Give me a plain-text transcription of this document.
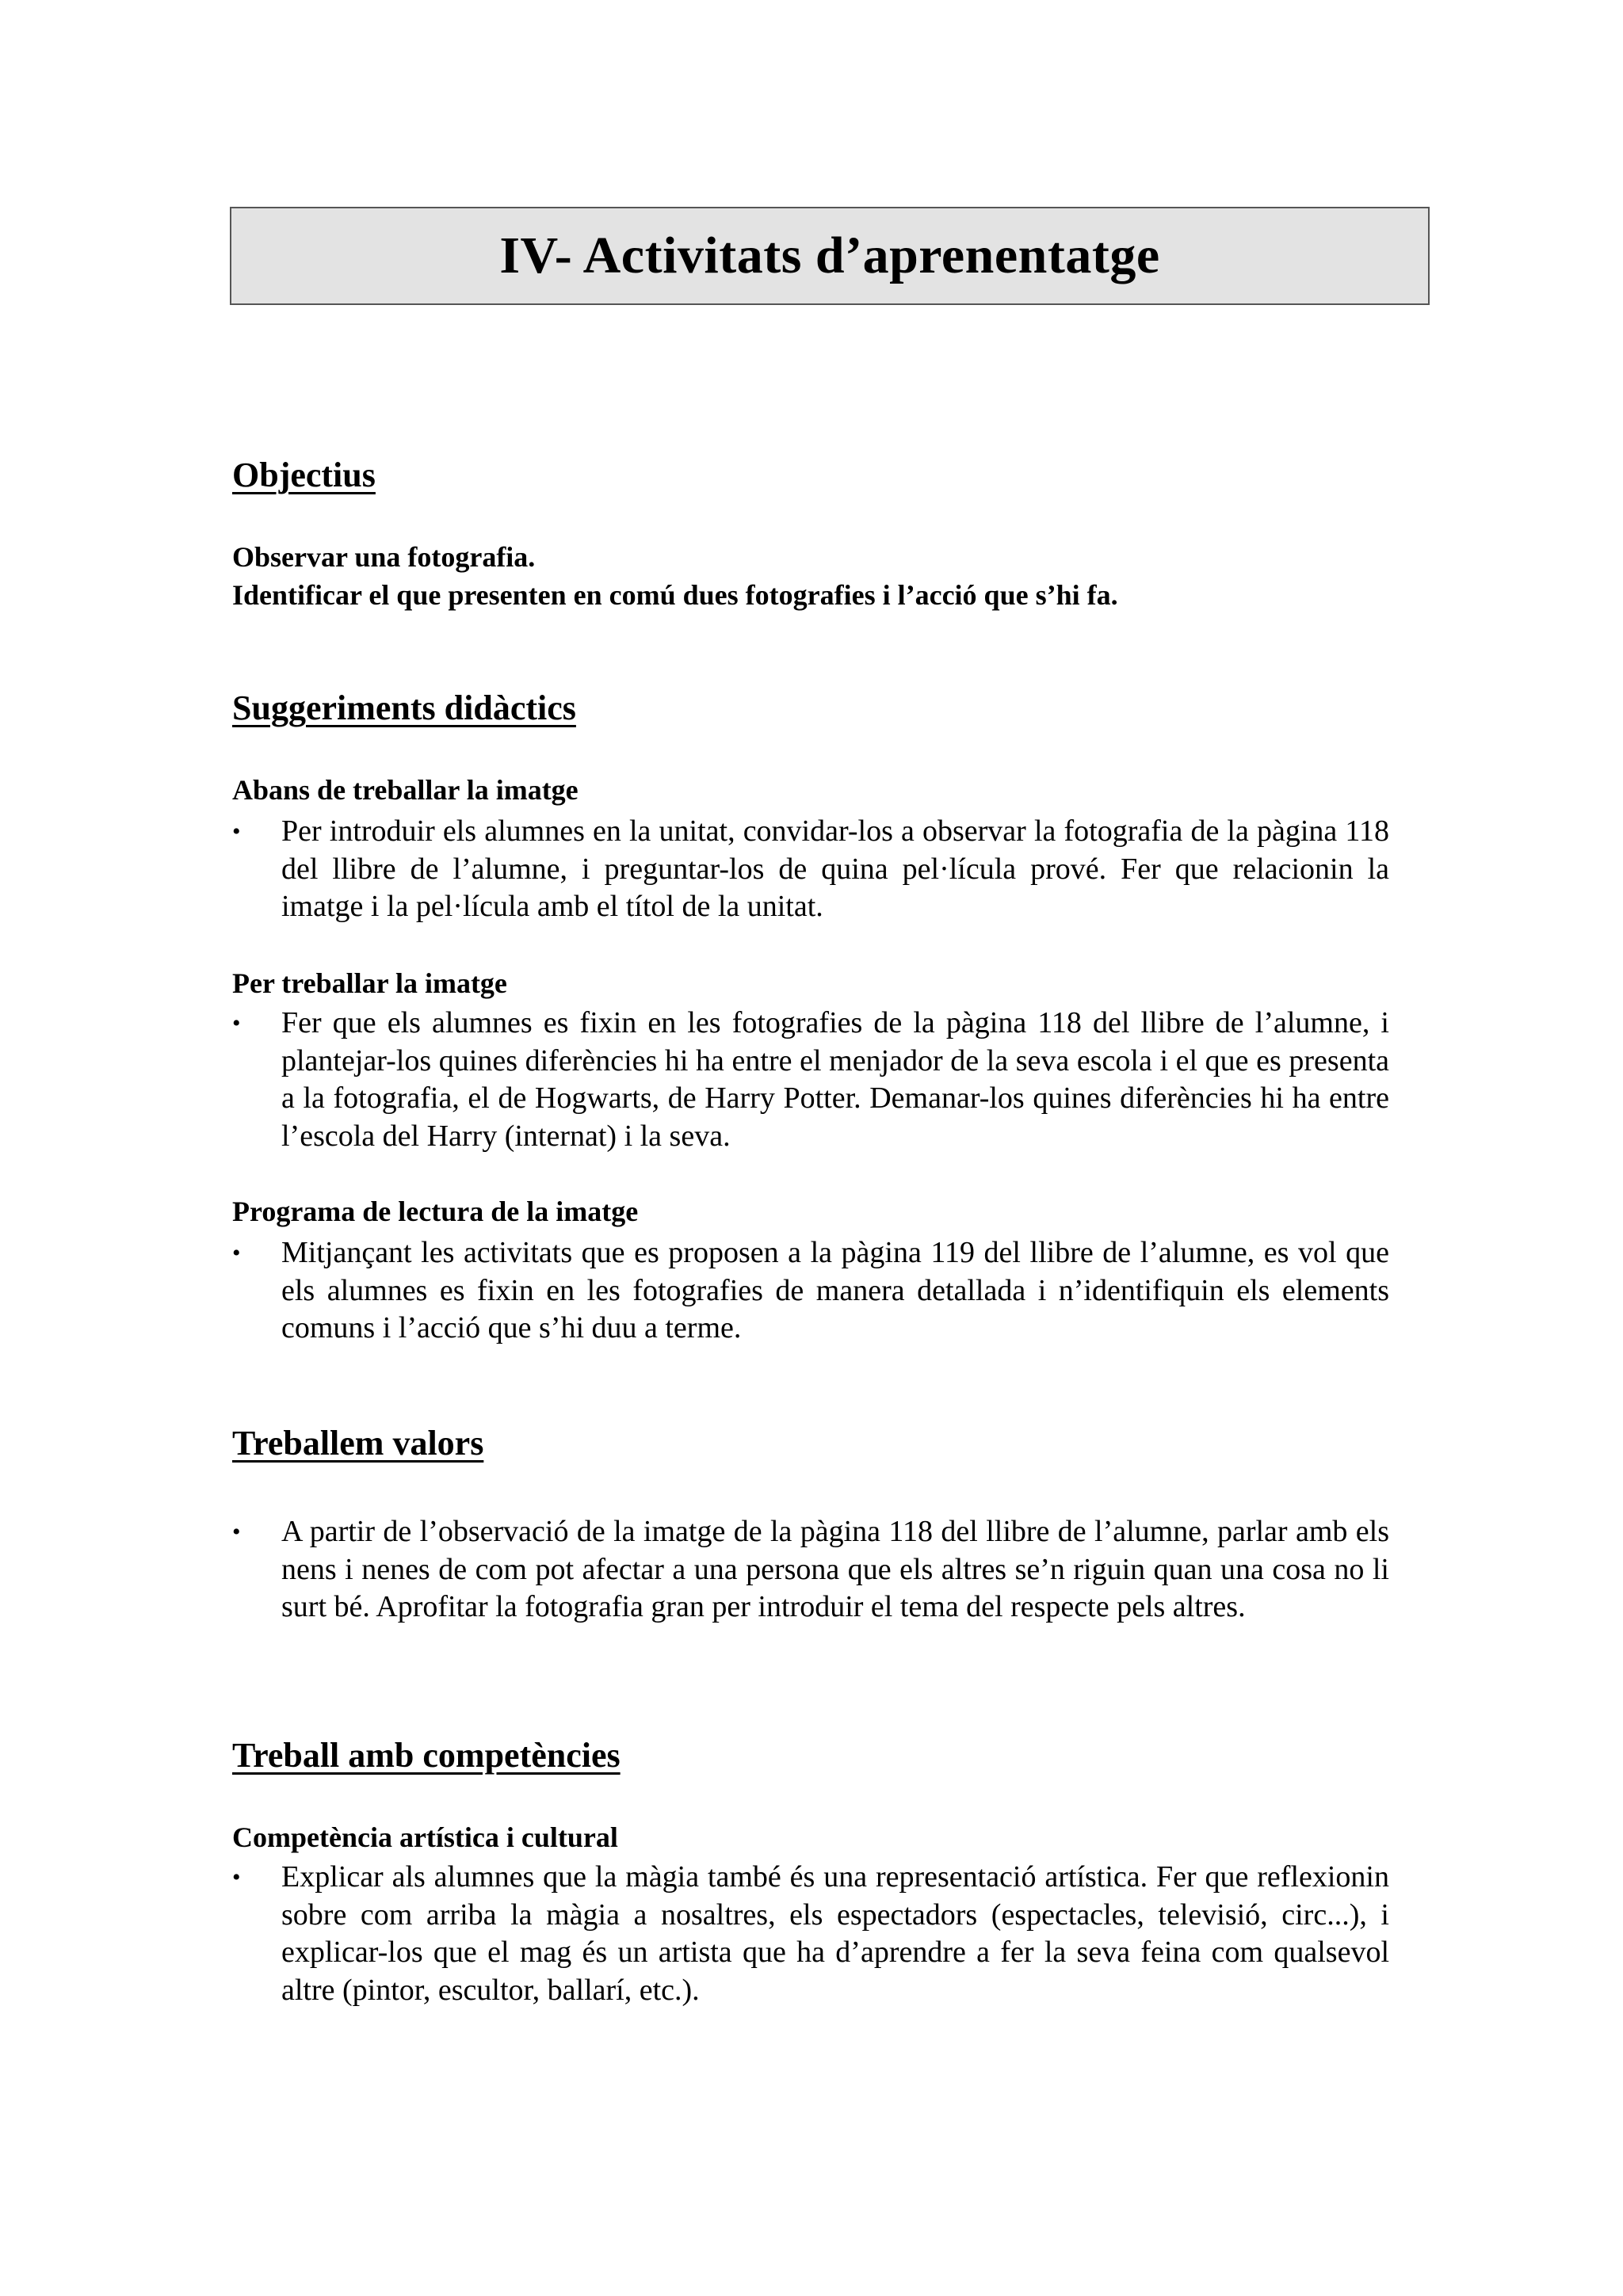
IV- Activitats d’aprenentatge
Objectius

Observar una fotografia.

Identificar el que presenten en comú dues fotografies i l’acció que s’hi fa.

Suggeriments didàctics

Abans de treballar la imatge

•	Per introduir els alumnes en la unitat, convidar-los a observar la fotografia de la pàgina 118 del llibre de l’alumne, i preguntar-los de quina pel·lícula prové. Fer que relacionin la imatge i la pel·lícula amb el títol de la unitat.

Per treballar la imatge

•	Fer que els alumnes es fixin en les fotografies de la pàgina 118 del llibre de l’alumne, i plantejar-los quines diferències hi ha entre el menjador de la seva escola i el que es presenta a la fotografia, el de Hogwarts, de Harry Potter. Demanar-los quines diferències hi ha entre l’escola del Harry (internat) i la seva.

Programa de lectura de la imatge

•	Mitjançant les activitats que es proposen a la pàgina 119 del llibre de l’alumne, es vol que els alumnes es fixin en les fotografies de manera detallada i n’identifiquin els elements comuns i l’acció que s’hi duu a terme.
Treballem valors
•	A partir de l’observació de la imatge de la pàgina 118 del llibre de l’alumne, parlar amb els nens i nenes de com pot afectar a una persona que els altres se’n riguin quan una cosa no li surt bé. Aprofitar la fotografia gran per introduir el tema del respecte pels altres.
Treball amb competències

Competència artística i cultural

•	Explicar als alumnes que la màgia també és una representació artística. Fer que reflexionin sobre com arriba la màgia a nosaltres, els espectadors (espectacles, televisió, circ...), i explicar-los que el mag és un artista que ha d’aprendre a fer la seva feina com qualsevol altre (pintor, escultor, ballarí, etc.).
